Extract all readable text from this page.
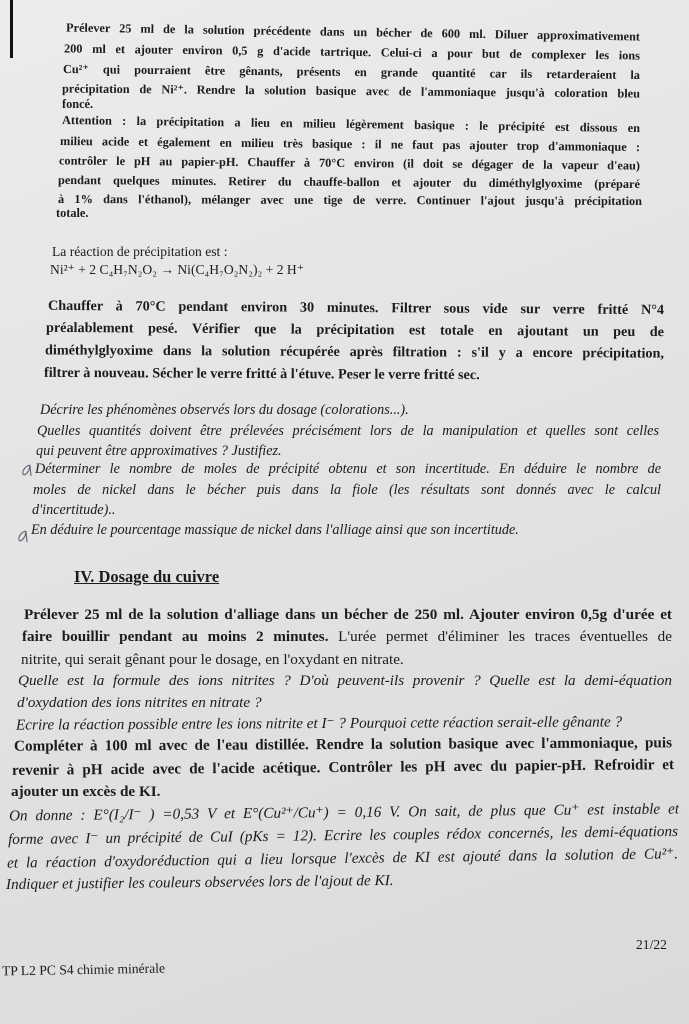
Prélever 25 ml de la solution précédente dans un bécher de 600 ml. Diluer approximativement
200 ml et ajouter environ 0,5 g d'acide tartrique. Celui-ci a pour but de complexer les ions
Cu²⁺ qui pourraient être gênants, présents en grande quantité car ils retarderaient la
précipitation de Ni²⁺. Rendre la solution basique avec de l'ammoniaque jusqu'à coloration bleu
foncé.
Attention : la précipitation a lieu en milieu légèrement basique : le précipité est dissous en
milieu acide et également en milieu très basique : il ne faut pas ajouter trop d'ammoniaque :
contrôler le pH au papier-pH. Chauffer à 70°C environ (il doit se dégager de la vapeur d'eau)
pendant quelques minutes. Retirer du chauffe-ballon et ajouter du diméthylglyoxime (préparé
à 1% dans l'éthanol), mélanger avec une tige de verre. Continuer l'ajout jusqu'à précipitation
totale.
La réaction de précipitation est :
Ni²⁺ + 2 C₄H₇N₂O₂ → Ni(C₄H₇O₂N₂)₂ + 2 H⁺
Chauffer à 70°C pendant environ 30 minutes. Filtrer sous vide sur verre fritté N°4
préalablement pesé. Vérifier que la précipitation est totale en ajoutant un peu de
diméthylglyoxime dans la solution récupérée après filtration : s'il y a encore précipitation,
filtrer à nouveau. Sécher le verre fritté à l'étuve. Peser le verre fritté sec.
Décrire les phénomènes observés lors du dosage (colorations...).
Quelles quantités doivent être prélevées précisément lors de la manipulation et quelles sont celles
qui peuvent être approximatives ? Justifiez.
Déterminer le nombre de moles de précipité obtenu et son incertitude. En déduire le nombre de
moles de nickel dans le bécher puis dans la fiole (les résultats sont donnés avec le calcul
d'incertitude)..
En déduire le pourcentage massique de nickel dans l'alliage ainsi que son incertitude.
IV. Dosage du cuivre
Prélever 25 ml de la solution d'alliage dans un bécher de 250 ml. Ajouter environ 0,5g d'urée et
faire bouillir pendant au moins 2 minutes. L'urée permet d'éliminer les traces éventuelles de
nitrite, qui serait gênant pour le dosage, en l'oxydant en nitrate.
Quelle est la formule des ions nitrites ? D'où peuvent-ils provenir ? Quelle est la demi-équation
d'oxydation des ions nitrites en nitrate ?
Ecrire la réaction possible entre les ions nitrite et I⁻ ? Pourquoi cette réaction serait-elle gênante ?
Compléter à 100 ml avec de l'eau distillée. Rendre la solution basique avec l'ammoniaque, puis
revenir à pH acide avec de l'acide acétique. Contrôler les pH avec du papier-pH. Refroidir et
ajouter un excès de KI.
On donne : E°(I₂/I⁻ ) =0,53 V et E°(Cu²⁺/Cu⁺) = 0,16 V. On sait, de plus que Cu⁺ est instable et
forme avec I⁻ un précipité de CuI (pKs = 12). Ecrire les couples rédox concernés, les demi-équations
et la réaction d'oxydoréduction qui a lieu lorsque l'excès de KI est ajouté dans la solution de Cu²⁺.
Indiquer et justifier les couleurs observées lors de l'ajout de KI.
21/22
TP L2 PC S4 chimie minérale
